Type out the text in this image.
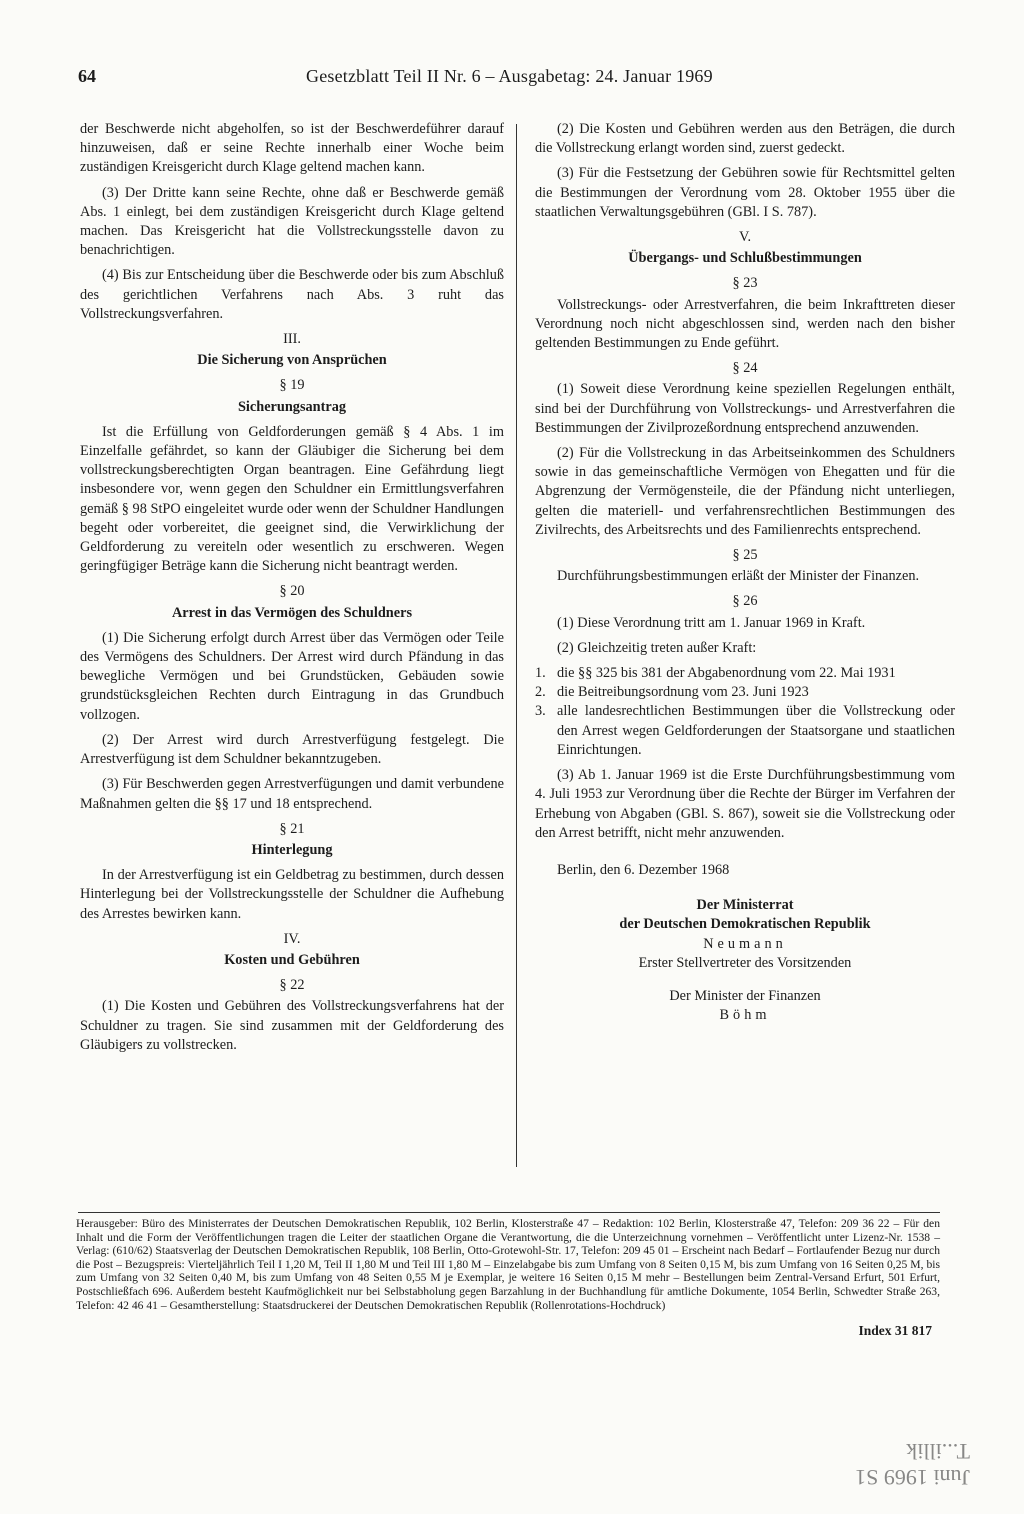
64	Gesetzblatt Teil II Nr. 6 – Ausgabetag: 24. Januar 1969

der Beschwerde nicht abgeholfen, so ist der Beschwerdeführer darauf hinzuweisen, daß er seine Rechte innerhalb einer Woche beim zuständigen Kreisgericht durch Klage geltend machen kann.

(3) Der Dritte kann seine Rechte, ohne daß er Beschwerde gemäß Abs. 1 einlegt, bei dem zuständigen Kreisgericht durch Klage geltend machen. Das Kreisgericht hat die Vollstreckungsstelle davon zu benachrichtigen.

(4) Bis zur Entscheidung über die Beschwerde oder bis zum Abschluß des gerichtlichen Verfahrens nach Abs. 3 ruht das Vollstreckungsverfahren.

III.
Die Sicherung von Ansprüchen
§ 19
Sicherungsantrag

Ist die Erfüllung von Geldforderungen gemäß § 4 Abs. 1 im Einzelfalle gefährdet, so kann der Gläubiger die Sicherung bei dem vollstreckungsberechtigten Organ beantragen. Eine Gefährdung liegt insbesondere vor, wenn gegen den Schuldner ein Ermittlungsverfahren gemäß § 98 StPO eingeleitet wurde oder wenn der Schuldner Handlungen begeht oder vorbereitet, die geeignet sind, die Verwirklichung der Geldforderung zu vereiteln oder wesentlich zu erschweren. Wegen geringfügiger Beträge kann die Sicherung nicht beantragt werden.

§ 20
Arrest in das Vermögen des Schuldners

(1) Die Sicherung erfolgt durch Arrest über das Vermögen oder Teile des Vermögens des Schuldners. Der Arrest wird durch Pfändung in das bewegliche Vermögen und bei Grundstücken, Gebäuden sowie grundstücksgleichen Rechten durch Eintragung in das Grundbuch vollzogen.

(2) Der Arrest wird durch Arrestverfügung festgelegt. Die Arrestverfügung ist dem Schuldner bekanntzugeben.

(3) Für Beschwerden gegen Arrestverfügungen und damit verbundene Maßnahmen gelten die §§ 17 und 18 entsprechend.

§ 21
Hinterlegung

In der Arrestverfügung ist ein Geldbetrag zu bestimmen, durch dessen Hinterlegung bei der Vollstreckungsstelle der Schuldner die Aufhebung des Arrestes bewirken kann.

IV.
Kosten und Gebühren
§ 22

(1) Die Kosten und Gebühren des Vollstreckungsverfahrens hat der Schuldner zu tragen. Sie sind zusammen mit der Geldforderung des Gläubigers zu vollstrecken.

(2) Die Kosten und Gebühren werden aus den Beträgen, die durch die Vollstreckung erlangt worden sind, zuerst gedeckt.

(3) Für die Festsetzung der Gebühren sowie für Rechtsmittel gelten die Bestimmungen der Verordnung vom 28. Oktober 1955 über die staatlichen Verwaltungsgebühren (GBl. I S. 787).

V.
Übergangs- und Schlußbestimmungen
§ 23

Vollstreckungs- oder Arrestverfahren, die beim Inkrafttreten dieser Verordnung noch nicht abgeschlossen sind, werden nach den bisher geltenden Bestimmungen zu Ende geführt.

§ 24

(1) Soweit diese Verordnung keine speziellen Regelungen enthält, sind bei der Durchführung von Vollstreckungs- und Arrestverfahren die Bestimmungen der Zivilprozeßordnung entsprechend anzuwenden.

(2) Für die Vollstreckung in das Arbeitseinkommen des Schuldners sowie in das gemeinschaftliche Vermögen von Ehegatten und für die Abgrenzung der Vermögensteile, die der Pfändung nicht unterliegen, gelten die materiell- und verfahrensrechtlichen Bestimmungen des Zivilrechts, des Arbeitsrechts und des Familienrechts entsprechend.

§ 25

Durchführungsbestimmungen erläßt der Minister der Finanzen.

§ 26

(1) Diese Verordnung tritt am 1. Januar 1969 in Kraft.

(2) Gleichzeitig treten außer Kraft:

1. die §§ 325 bis 381 der Abgabenordnung vom 22. Mai 1931
2. die Beitreibungsordnung vom 23. Juni 1923
3. alle landesrechtlichen Bestimmungen über die Vollstreckung oder den Arrest wegen Geldforderungen der Staatsorgane und staatlichen Einrichtungen.

(3) Ab 1. Januar 1969 ist die Erste Durchführungsbestimmung vom 4. Juli 1953 zur Verordnung über die Rechte der Bürger im Verfahren der Erhebung von Abgaben (GBl. S. 867), soweit sie die Vollstreckung oder den Arrest betrifft, nicht mehr anzuwenden.

Berlin, den 6. Dezember 1968
Der Ministerrat
der Deutschen Demokratischen Republik
Neumann
Erster Stellvertreter des Vorsitzenden
Der Minister der Finanzen
Böhm
Herausgeber: Büro des Ministerrates der Deutschen Demokratischen Republik, 102 Berlin, Klosterstraße 47 – Redaktion: 102 Berlin, Klosterstraße 47, Telefon: 209 36 22 – Für den Inhalt und die Form der Veröffentlichungen tragen die Leiter der staatlichen Organe die Verantwortung, die die Unterzeichnung vornehmen – Veröffentlicht unter Lizenz-Nr. 1538 – Verlag: (610/62) Staatsverlag der Deutschen Demokratischen Republik, 108 Berlin, Otto-Grotewohl-Str. 17, Telefon: 209 45 01 – Erscheint nach Bedarf – Fortlaufender Bezug nur durch die Post – Bezugspreis: Vierteljährlich Teil I 1,20 M, Teil II 1,80 M und Teil III 1,80 M – Einzelabgabe bis zum Umfang von 8 Seiten 0,15 M, bis zum Umfang von 16 Seiten 0,25 M, bis zum Umfang von 32 Seiten 0,40 M, bis zum Umfang von 48 Seiten 0,55 M je Exemplar, je weitere 16 Seiten 0,15 M mehr – Bestellungen beim Zentral-Versand Erfurt, 501 Erfurt, Postschließfach 696. Außerdem besteht Kaufmöglichkeit nur bei Selbstabholung gegen Barzahlung in der Buchhandlung für amtliche Dokumente, 1054 Berlin, Schwedter Straße 263, Telefon: 42 46 41 – Gesamtherstellung: Staatsdruckerei der Deutschen Demokratischen Republik (Rollenrotations-Hochdruck)
Index 31 817
Juni 1969 S1
T...illik
